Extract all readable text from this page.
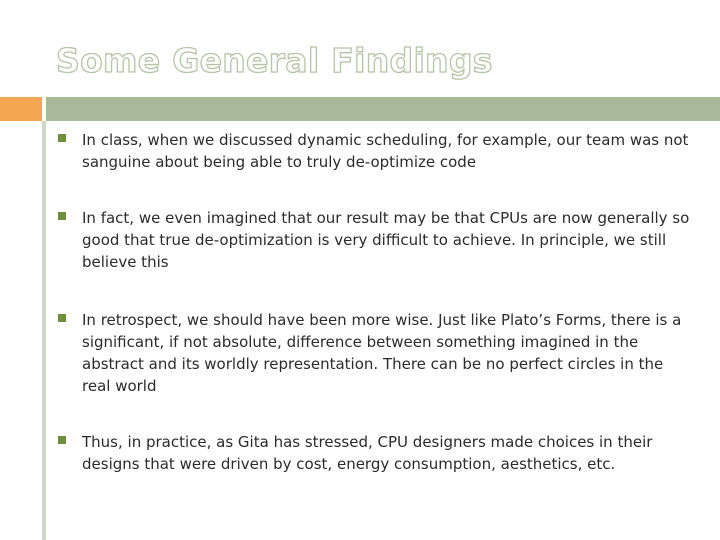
Some General Findings

In class, when we discussed dynamic scheduling, for example, our team was not sanguine about being able to truly de-optimize code

In fact, we even imagined that our result may be that CPUs are now generally so good that true de-optimization is very difficult to achieve. In principle, we still believe this

In retrospect, we should have been more wise. Just like Plato’s Forms, there is a significant, if not absolute, difference between something imagined in the abstract and its worldly representation. There can be no perfect circles in the real world

Thus, in practice, as Gita has stressed, CPU designers made choices in their designs that were driven by cost, energy consumption, aesthetics, etc.
